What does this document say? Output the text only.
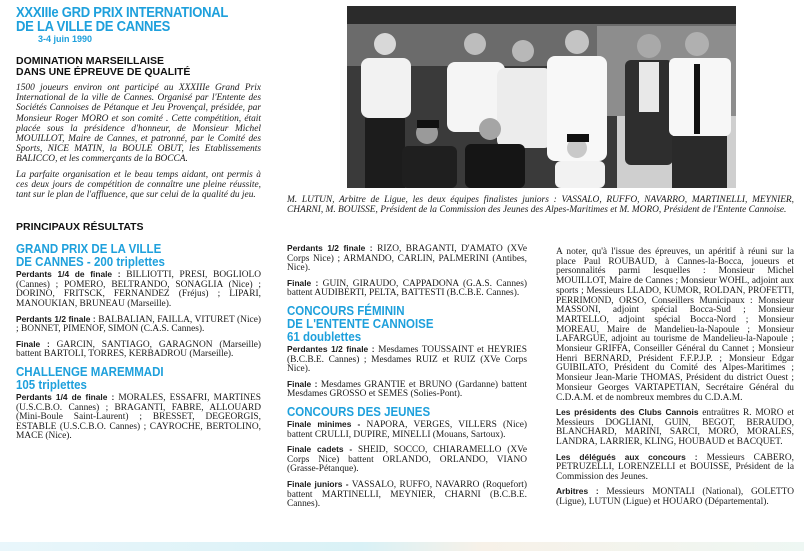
XXXIIIe GRD PRIX INTERNATIONAL
DE LA VILLE DE CANNES
3-4 juin 1990
DOMINATION MARSEILLAISE
DANS UNE ÉPREUVE DE QUALITÉ

1500 joueurs environ ont participé au XXXIIIe Grand Prix International de la ville de Cannes. Organisé par l'Entente des Sociétés Cannoises de Pétanque et Jeu Provençal, présidée, par Monsieur Roger MORO et son comité . Cette compétition, était placée sous la présidence d'honneur, de Monsieur Michel MOUILLOT, Maire de Cannes, et patronné, par le Comité des Sports, NICE MATIN, la BOULE OBUT, les Etablissements BALICCO, et les commerçants de la BOCCA.

La parfaite organisation et le beau temps aidant, ont permis à ces deux jours de compétition de connaître une pleine réussite, tant sur le plan de l'affluence, que sur celui de la qualité du jeu.

PRINCIPAUX RÉSULTATS
GRAND PRIX DE LA VILLE
DE CANNES - 200 triplettes

Perdants 1/4 de finale : BILLIOTTI, PRESI, BOGLIOLO (Cannes) ; POMERO, BELTRANDO, SONAGLIA (Nice) ; DORINO, FRITSCK, FERNANDEZ (Fréjus) ; LIPARI, MANOUKIAN, BRUNEAU (Marseille).

Perdants 1/2 finale : BALBALIAN, FAILLA, VITURET (Nice) ; BONNET, PIMENOF, SIMON (C.A.S. Cannes).

Finale : GARCIN, SANTIAGO, GARAGNON (Marseille) battent BARTOLI, TORRES, KERBADROU (Marseille).

CHALLENGE MAREMMADI
105 triplettes

Perdants 1/4 de finale : MORALES, ESSAFRI, MARTINES (U.S.C.B.O. Cannes) ; BRAGANTI, FABRE, ALLOUARD (Mini-Boule Saint-Laurent) ; BRESSET, DEGEORGIS, ESTABLE (U.S.C.B.O. Cannes) ; CAYROCHE, BERTOLINO, MACE (Nice).

M. LUTUN, Arbitre de Ligue, les deux équipes finalistes juniors : VASSALO, RUFFO, NAVARRO, MARTINELLI, MEYNIER, CHARNI, M. BOUISSE, Président de la Commission des Jeunes des Alpes-Maritimes et M. MORO, Président de l'Entente Cannoise.

Perdants 1/2 finale : RIZO, BRAGANTI, D'AMATO (XVe Corps Nice) ; ARMANDO, CARLIN, PALMERINI (Antibes, Nice).

Finale : GUIN, GIRAUDO, CAPPADONA (G.A.S. Cannes) battent AUDIBERTI, PELTA, BATTESTI (B.C.B.E. Cannes).

CONCOURS FÉMININ
DE L'ENTENTE CANNOISE
61 doublettes

Perdantes 1/2 finale : Mesdames TOUSSAINT et HEYRIES (B.C.B.E. Cannes) ; Mesdames RUIZ et RUIZ (XVe Corps Nice).

Finale : Mesdames GRANTIE et BRUNO (Gardanne) battent Mesdames GROSSO et SEMES (Solies-Pont).

CONCOURS DES JEUNES

Finale minimes - NAPORA, VERGES, VILLERS (Nice) battent CRULLI, DUPIRE, MINELLI (Mouans, Sartoux).

Finale cadets - SHEID, SOCCO, CHIARAMELLO (XVe Corps Nice) battent ORLANDO, ORLANDO, VIANO (Grasse-Pétanque).

Finale juniors - VASSALO, RUFFO, NAVARRO (Roquefort) battent MARTINELLI, MEYNIER, CHARNI (B.C.B.E. Cannes).

A noter, qu'à l'issue des épreuves, un apéritif à réuni sur la place Paul ROUBAUD, à Cannes-la-Bocca, joueurs et personnalités parmi lesquelles : Monsieur Michel MOUILLOT, Maire de Cannes ; Monsieur WOHL, adjoint aux sports ; Messieurs LLADO, KUMOR, ROLDAN, PROFETTI, PERRIMOND, ORSO, Conseillers Municipaux : Monsieur MASSONI, adjoint spécial Bocca-Sud ; Monsieur MARTELLO, adjoint spécial Bocca-Nord ; Monsieur MOREAU, Maire de Mandelieu-la-Napoule ; Monsieur LAFARGUE, adjoint au tourisme de Mandelieu-la-Napoule ; Monsieur GRIFFA, Conseiller Général du Cannet ; Monsieur Henri BERNARD, Président F.F.P.J.P. ; Monsieur Edgar GUIBILATO, Président du Comité des Alpes-Maritimes ; Monsieur Jean-Marie THOMAS, Président du district Ouest ; Monsieur Georges VARTAPETIAN, Secrétaire Général du C.D.A.M. et de nombreux membres du C.D.A.M.

Les présidents des Clubs Cannois entraütres R. MORO et Messieurs DOGLIANI, GUIN, BEGOT, BERAUDO, BLANCHARD, MARINI, SARCI, MORO, MORALES, LANDRA, LARRIER, KLING, HOUBAUD et BACQUET.

Les délégués aux concours : Messieurs CABERO, PETRUZELLI, LORENZELLI et BOUISSE, Président de la Commission des Jeunes.

Arbitres : Messieurs MONTALI (National), GOLETTO (Ligue), LUTUN (Ligue) et HOUARO (Départemental).
